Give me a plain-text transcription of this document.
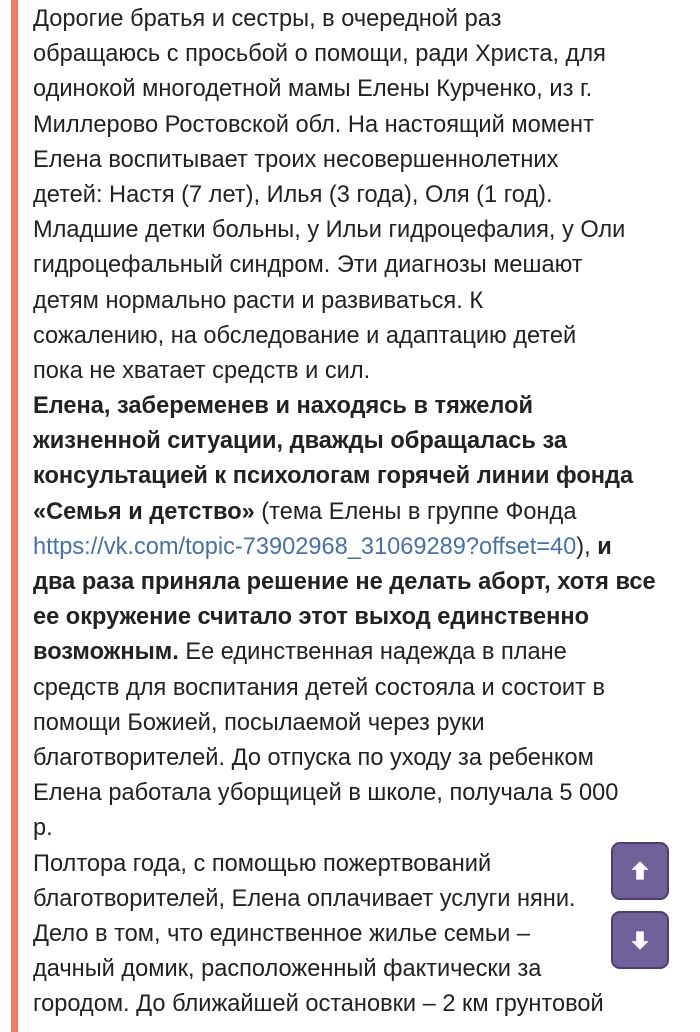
Дорогие братья и сестры, в очередной раз
обращаюсь с просьбой о помощи, ради Христа, для
одинокой многодетной мамы Елены Курченко, из г.
Миллерово Ростовской обл. На настоящий момент
Елена воспитывает троих несовершеннолетних
детей: Настя (7 лет), Илья (3 года), Оля (1 год).
Младшие детки больны, у Ильи гидроцефалия, у Оли
гидроцефальный синдром. Эти диагнозы мешают
детям нормально расти и развиваться. К
сожалению, на обследование и адаптацию детей
пока не хватает средств и сил.
Елена, забеременев и находясь в тяжелой
жизненной ситуации, дважды обращалась за
консультацией к психологам горячей линии фонда
«Семья и детство» (тема Елены в группе Фонда
https://vk.com/topic-73902968_31069289?offset=40), и
два раза приняла решение не делать аборт, хотя все
ее окружение считало этот выход единственно
возможным. Ее единственная надежда в плане
средств для воспитания детей состояла и состоит в
помощи Божией, посылаемой через руки
благотворителей. До отпуска по уходу за ребенком
Елена работала уборщицей в школе, получала 5 000
р.
Полтора года, с помощью пожертвований
благотворителей, Елена оплачивает услуги няни.
Дело в том, что единственное жилье семьи –
дачный домик, расположенный фактически за
городом. До ближайшей остановки – 2 км грунтовой
